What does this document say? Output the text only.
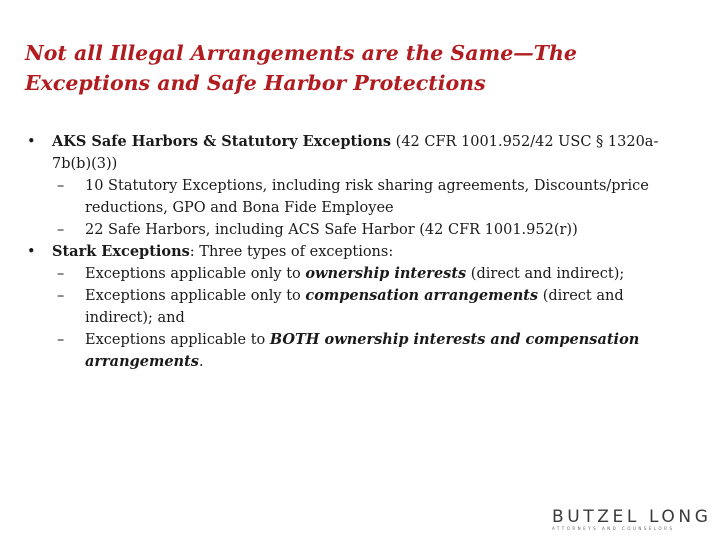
Not all Illegal Arrangements are the Same—The
Exceptions and Safe Harbor Protections
• AKS Safe Harbors & Statutory Exceptions (42 CFR 1001.952/42 USC § 1320a-7b(b)(3))
– 10 Statutory Exceptions, including risk sharing agreements, Discounts/price reductions, GPO and Bona Fide Employee
– 22 Safe Harbors, including ACS Safe Harbor (42 CFR 1001.952(r))
• Stark Exceptions: Three types of exceptions:
– Exceptions applicable only to ownership interests (direct and indirect);
– Exceptions applicable only to compensation arrangements (direct and indirect); and
– Exceptions applicable to BOTH ownership interests and compensation arrangements.
BUTZEL LONG
ATTORNEYS AND COUNSELORS
